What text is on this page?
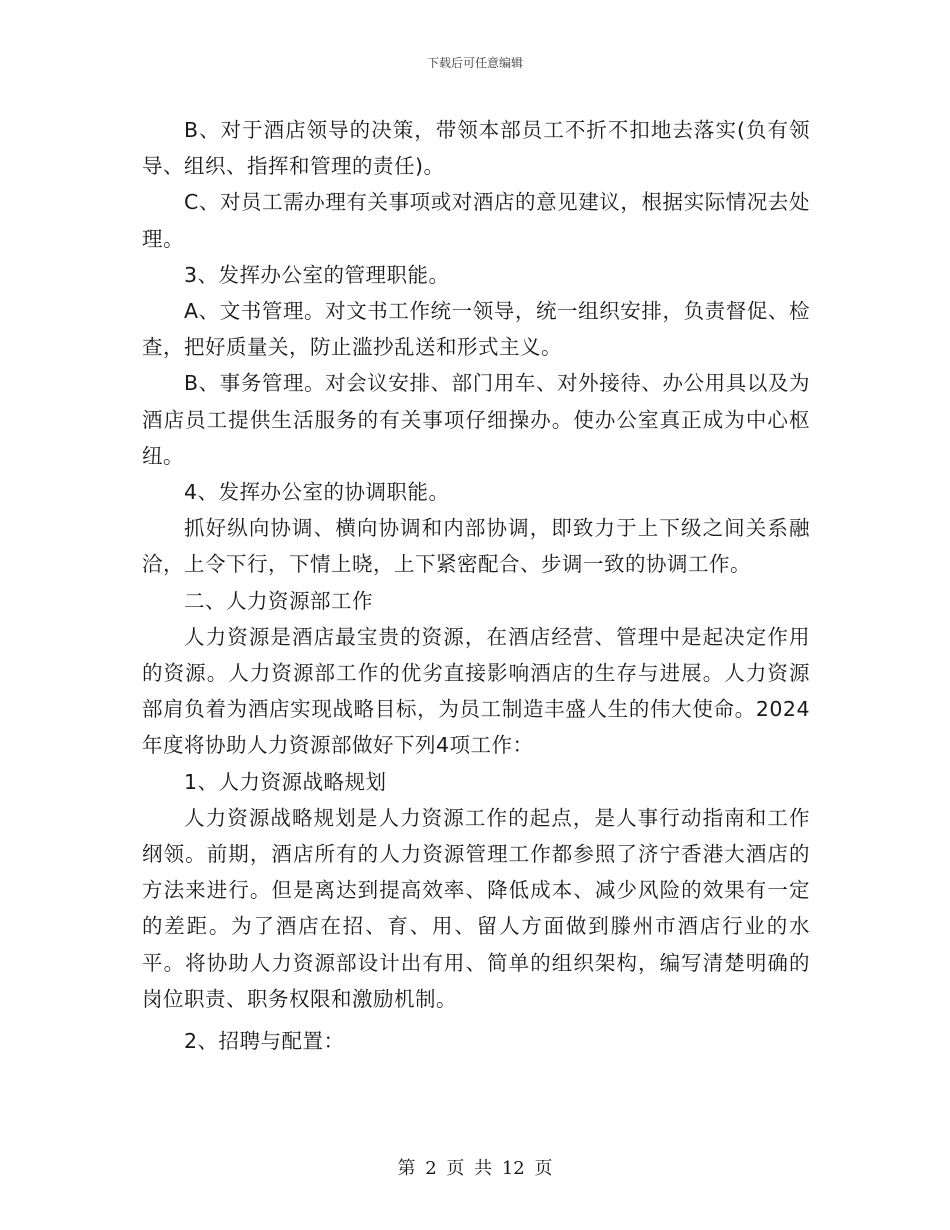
下载后可任意编辑

B、对于酒店领导的决策，带领本部员工不折不扣地去落实(负有领导、组织、指挥和管理的责任)。

C、对员工需办理有关事项或对酒店的意见建议，根据实际情况去处理。

3、发挥办公室的管理职能。

A、文书管理。对文书工作统一领导，统一组织安排，负责督促、检查，把好质量关，防止滥抄乱送和形式主义。

B、事务管理。对会议安排、部门用车、对外接待、办公用具以及为酒店员工提供生活服务的有关事项仔细操办。使办公室真正成为中心枢纽。

4、发挥办公室的协调职能。

抓好纵向协调、横向协调和内部协调，即致力于上下级之间关系融洽，上令下行，下情上晓，上下紧密配合、步调一致的协调工作。

二、人力资源部工作

人力资源是酒店最宝贵的资源，在酒店经营、管理中是起决定作用的资源。人力资源部工作的优劣直接影响酒店的生存与进展。人力资源部肩负着为酒店实现战略目标，为员工制造丰盛人生的伟大使命。2024年度将协助人力资源部做好下列4项工作：

1、人力资源战略规划

人力资源战略规划是人力资源工作的起点，是人事行动指南和工作纲领。前期，酒店所有的人力资源管理工作都参照了济宁香港大酒店的方法来进行。但是离达到提高效率、降低成本、减少风险的效果有一定的差距。为了酒店在招、育、用、留人方面做到滕州市酒店行业的水平。将协助人力资源部设计出有用、简单的组织架构，编写清楚明确的岗位职责、职务权限和激励机制。

2、招聘与配置：

第 2 页 共 12 页
